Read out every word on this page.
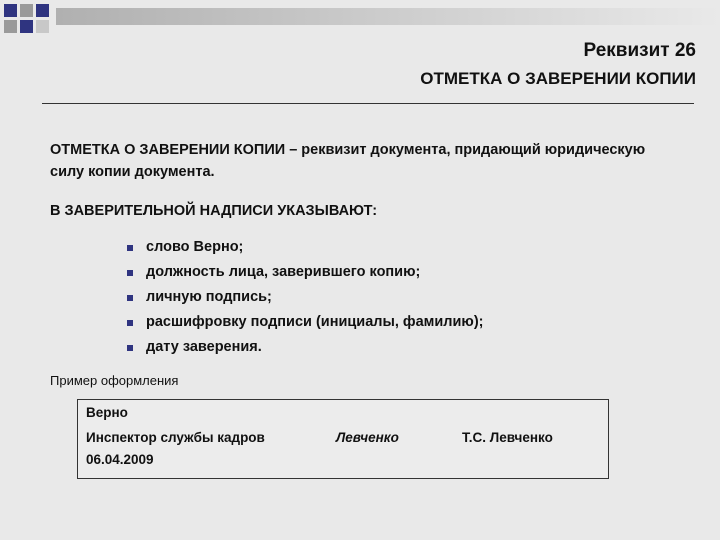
Реквизит 26
ОТМЕТКА О ЗАВЕРЕНИИ КОПИИ

ОТМЕТКА О ЗАВЕРЕНИИ КОПИИ – реквизит документа, придающий юридическую силу копии документа.

В ЗАВЕРИТЕЛЬНОЙ НАДПИСИ УКАЗЫВАЮТ:

слово Верно;
должность лица, заверившего копию;
личную подпись;
расшифровку подписи (инициалы, фамилию);
дату заверения.

Пример оформления

Верно
Инспектор службы кадров	Левченко	Т.С. Левченко
06.04.2009
